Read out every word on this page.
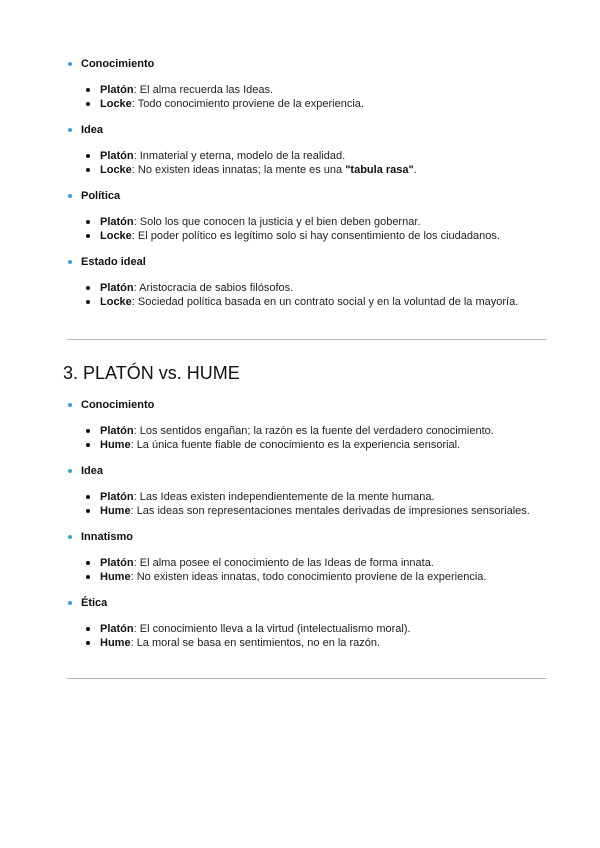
Conocimiento
Platón: El alma recuerda las Ideas.
Locke: Todo conocimiento proviene de la experiencia.
Idea
Platón: Inmaterial y eterna, modelo de la realidad.
Locke: No existen ideas innatas; la mente es una "tabula rasa".
Política
Platón: Solo los que conocen la justicia y el bien deben gobernar.
Locke: El poder político es legítimo solo si hay consentimiento de los ciudadanos.
Estado ideal
Platón: Aristocracia de sabios filósofos.
Locke: Sociedad política basada en un contrato social y en la voluntad de la mayoría.
3. PLATÓN vs. HUME
Conocimiento
Platón: Los sentidos engañan; la razón es la fuente del verdadero conocimiento.
Hume: La única fuente fiable de conocimiento es la experiencia sensorial.
Idea
Platón: Las Ideas existen independientemente de la mente humana.
Hume: Las ideas son representaciones mentales derivadas de impresiones sensoriales.
Innatismo
Platón: El alma posee el conocimiento de las Ideas de forma innata.
Hume: No existen ideas innatas, todo conocimiento proviene de la experiencia.
Ética
Platón: El conocimiento lleva a la virtud (intelectualismo moral).
Hume: La moral se basa en sentimientos, no en la razón.
